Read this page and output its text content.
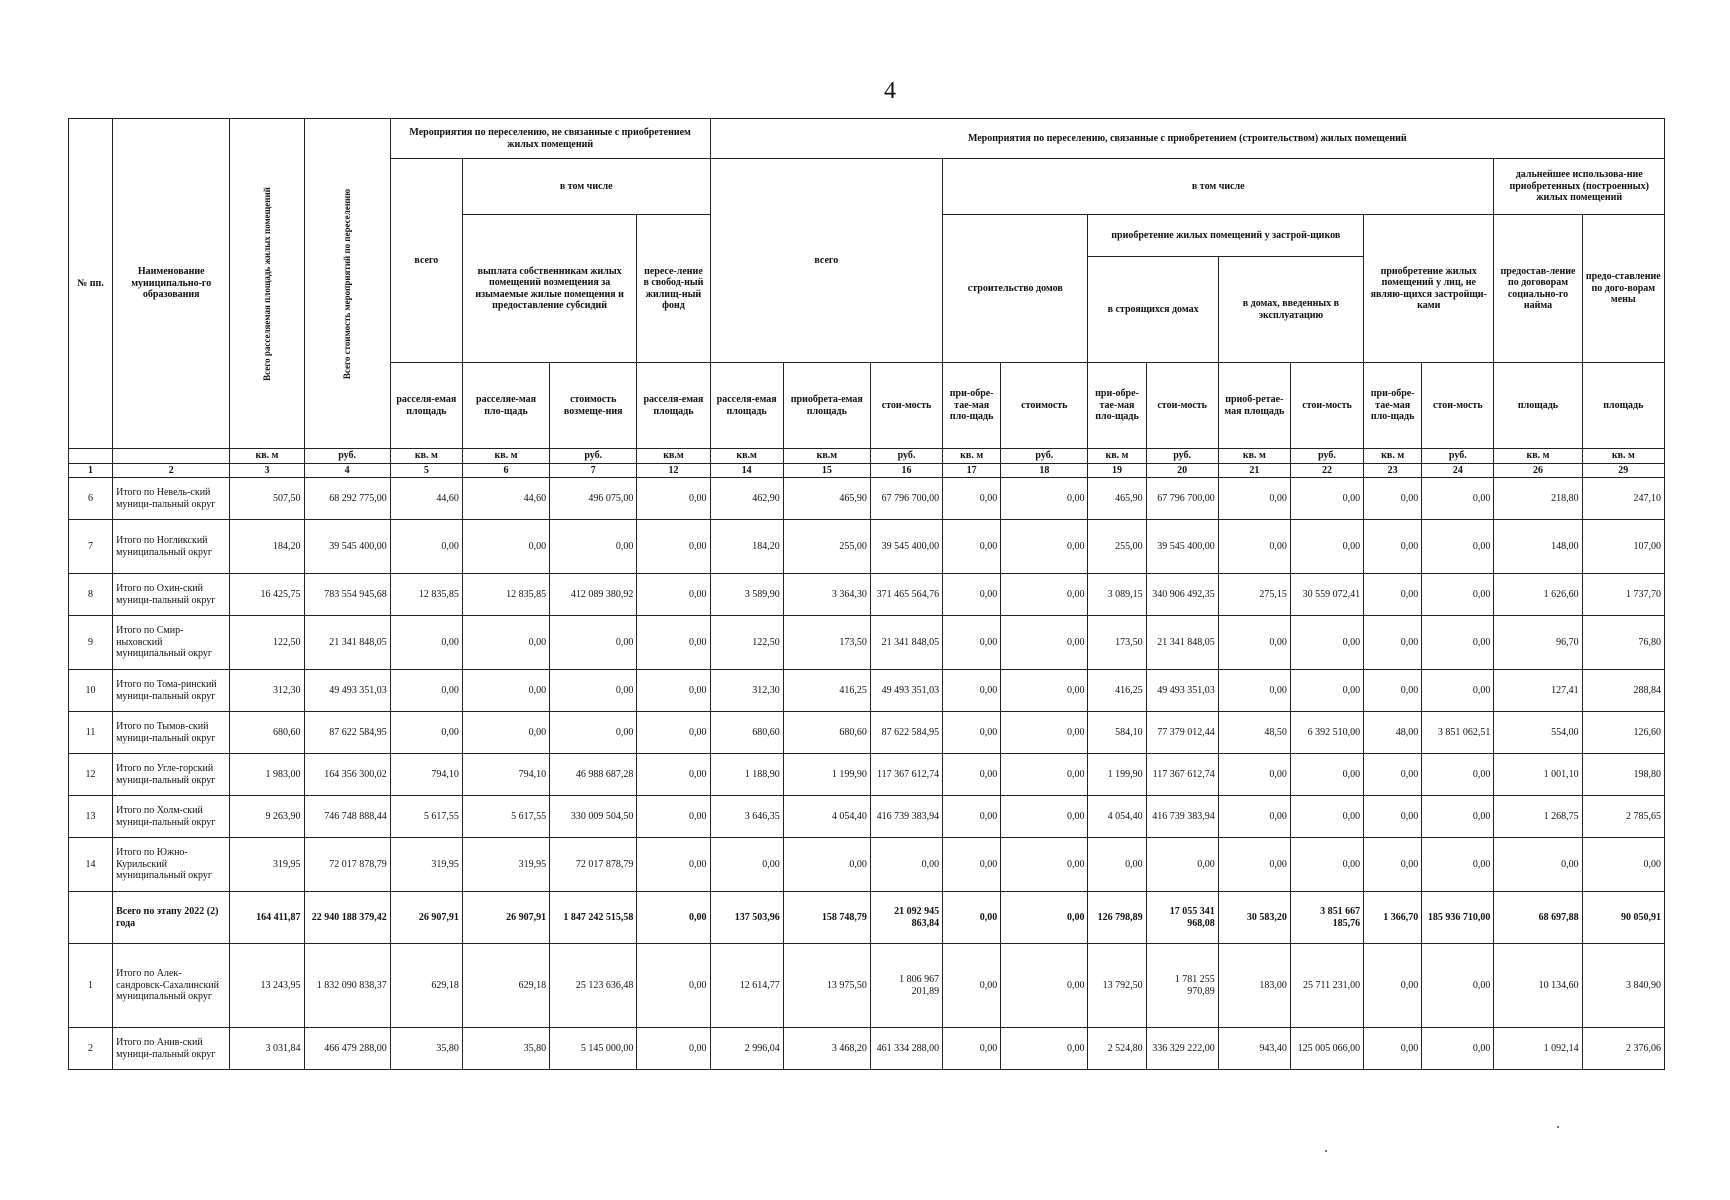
4
№ пп.	Наименование муниципально-го образования	Всего расселяемая площадь жилых помещений	Всего стоимость мероприятий по переселению	Мероприятия по переселению, не связанные с приобретением жилых помещений				Мероприятия по переселению, связанные с приобретением (строительством) жилых помещений												
				всего	в том числе			всего			в том числе								дальнейшее использова-ние приобретенных (построенных) жилых помещений	
					выплата собственникам жилых помещений возмещения за изымаемые жилые помещения и предоставление субсидий		пересе-ление в свобод-ный жилищ-ный фонд				строительство домов		приобретение жилых помещений у застрой-щиков				приобретение жилых помещений у лиц, не являю-щихся застройщи-ками		предостав-ление по договорам социально-го найма	предо-ставление по дого-ворам мены
													в строящихся домах		в домах, введенных в эксплуатацию					
				расселя-емая площадь	расселяе-мая пло-щадь	стоимость возмеще-ния	расселя-емая площадь	расселя-емая площадь	приобрета-емая площадь	стои-мость	при-обре-тае-мая пло-щадь	стоимость	при-обре-тае-мая пло-щадь	стои-мость	приоб-ретае-мая площадь	стои-мость	при-обре-тае-мая пло-щадь	стои-мость	площадь	площадь
		кв. м	руб.	кв. м	кв. м	руб.	кв.м	кв.м	кв.м	руб.	кв. м	руб.	кв. м	руб.	кв. м	руб.	кв. м	руб.	кв. м	кв. м
1	2	3	4	5	6	7	12	14	15	16	17	18	19	20	21	22	23	24	26	29
6	Итого по Невель-ский муници-пальный округ	507,50	68 292 775,00	44,60	44,60	496 075,00	0,00	462,90	465,90	67 796 700,00	0,00	0,00	465,90	67 796 700,00	0,00	0,00	0,00	0,00	218,80	247,10
7	Итого по Ногликский муниципальный округ	184,20	39 545 400,00	0,00	0,00	0,00	0,00	184,20	255,00	39 545 400,00	0,00	0,00	255,00	39 545 400,00	0,00	0,00	0,00	0,00	148,00	107,00
8	Итого по Охин-ский муници-пальный округ	16 425,75	783 554 945,68	12 835,85	12 835,85	412 089 380,92	0,00	3 589,90	3 364,30	371 465 564,76	0,00	0,00	3 089,15	340 906 492,35	275,15	30 559 072,41	0,00	0,00	1 626,60	1 737,70
9	Итого по Смир-ныховский муниципальный округ	122,50	21 341 848,05	0,00	0,00	0,00	0,00	122,50	173,50	21 341 848,05	0,00	0,00	173,50	21 341 848,05	0,00	0,00	0,00	0,00	96,70	76,80
10	Итого по Тома-ринский муници-пальный округ	312,30	49 493 351,03	0,00	0,00	0,00	0,00	312,30	416,25	49 493 351,03	0,00	0,00	416,25	49 493 351,03	0,00	0,00	0,00	0,00	127,41	288,84
11	Итого по Тымов-ский муници-пальный округ	680,60	87 622 584,95	0,00	0,00	0,00	0,00	680,60	680,60	87 622 584,95	0,00	0,00	584,10	77 379 012,44	48,50	6 392 510,00	48,00	3 851 062,51	554,00	126,60
12	Итого по Угле-горский муници-пальный округ	1 983,00	164 356 300,02	794,10	794,10	46 988 687,28	0,00	1 188,90	1 199,90	117 367 612,74	0,00	0,00	1 199,90	117 367 612,74	0,00	0,00	0,00	0,00	1 001,10	198,80
13	Итого по Холм-ский муници-пальный округ	9 263,90	746 748 888,44	5 617,55	5 617,55	330 009 504,50	0,00	3 646,35	4 054,40	416 739 383,94	0,00	0,00	4 054,40	416 739 383,94	0,00	0,00	0,00	0,00	1 268,75	2 785,65
14	Итого по Южно-Курильский муниципальный округ	319,95	72 017 878,79	319,95	319,95	72 017 878,79	0,00	0,00	0,00	0,00	0,00	0,00	0,00	0,00	0,00	0,00	0,00	0,00	0,00	0,00
	Всего по этапу 2022 (2) года	164 411,87	22 940 188 379,42	26 907,91	26 907,91	1 847 242 515,58	0,00	137 503,96	158 748,79	21 092 945 863,84	0,00	0,00	126 798,89	17 055 341 968,08	30 583,20	3 851 667 185,76	1 366,70	185 936 710,00	68 697,88	90 050,91
1	Итого по Алек-сандровск-Сахалинский муниципальный округ	13 243,95	1 832 090 838,37	629,18	629,18	25 123 636,48	0,00	12 614,77	13 975,50	1 806 967 201,89	0,00	0,00	13 792,50	1 781 255 970,89	183,00	25 711 231,00	0,00	0,00	10 134,60	3 840,90
2	Итого по Анив-ский муници-пальный округ	3 031,84	466 479 288,00	35,80	35,80	5 145 000,00	0,00	2 996,04	3 468,20	461 334 288,00	0,00	0,00	2 524,80	336 329 222,00	943,40	125 005 066,00	0,00	0,00	1 092,14	2 376,06
